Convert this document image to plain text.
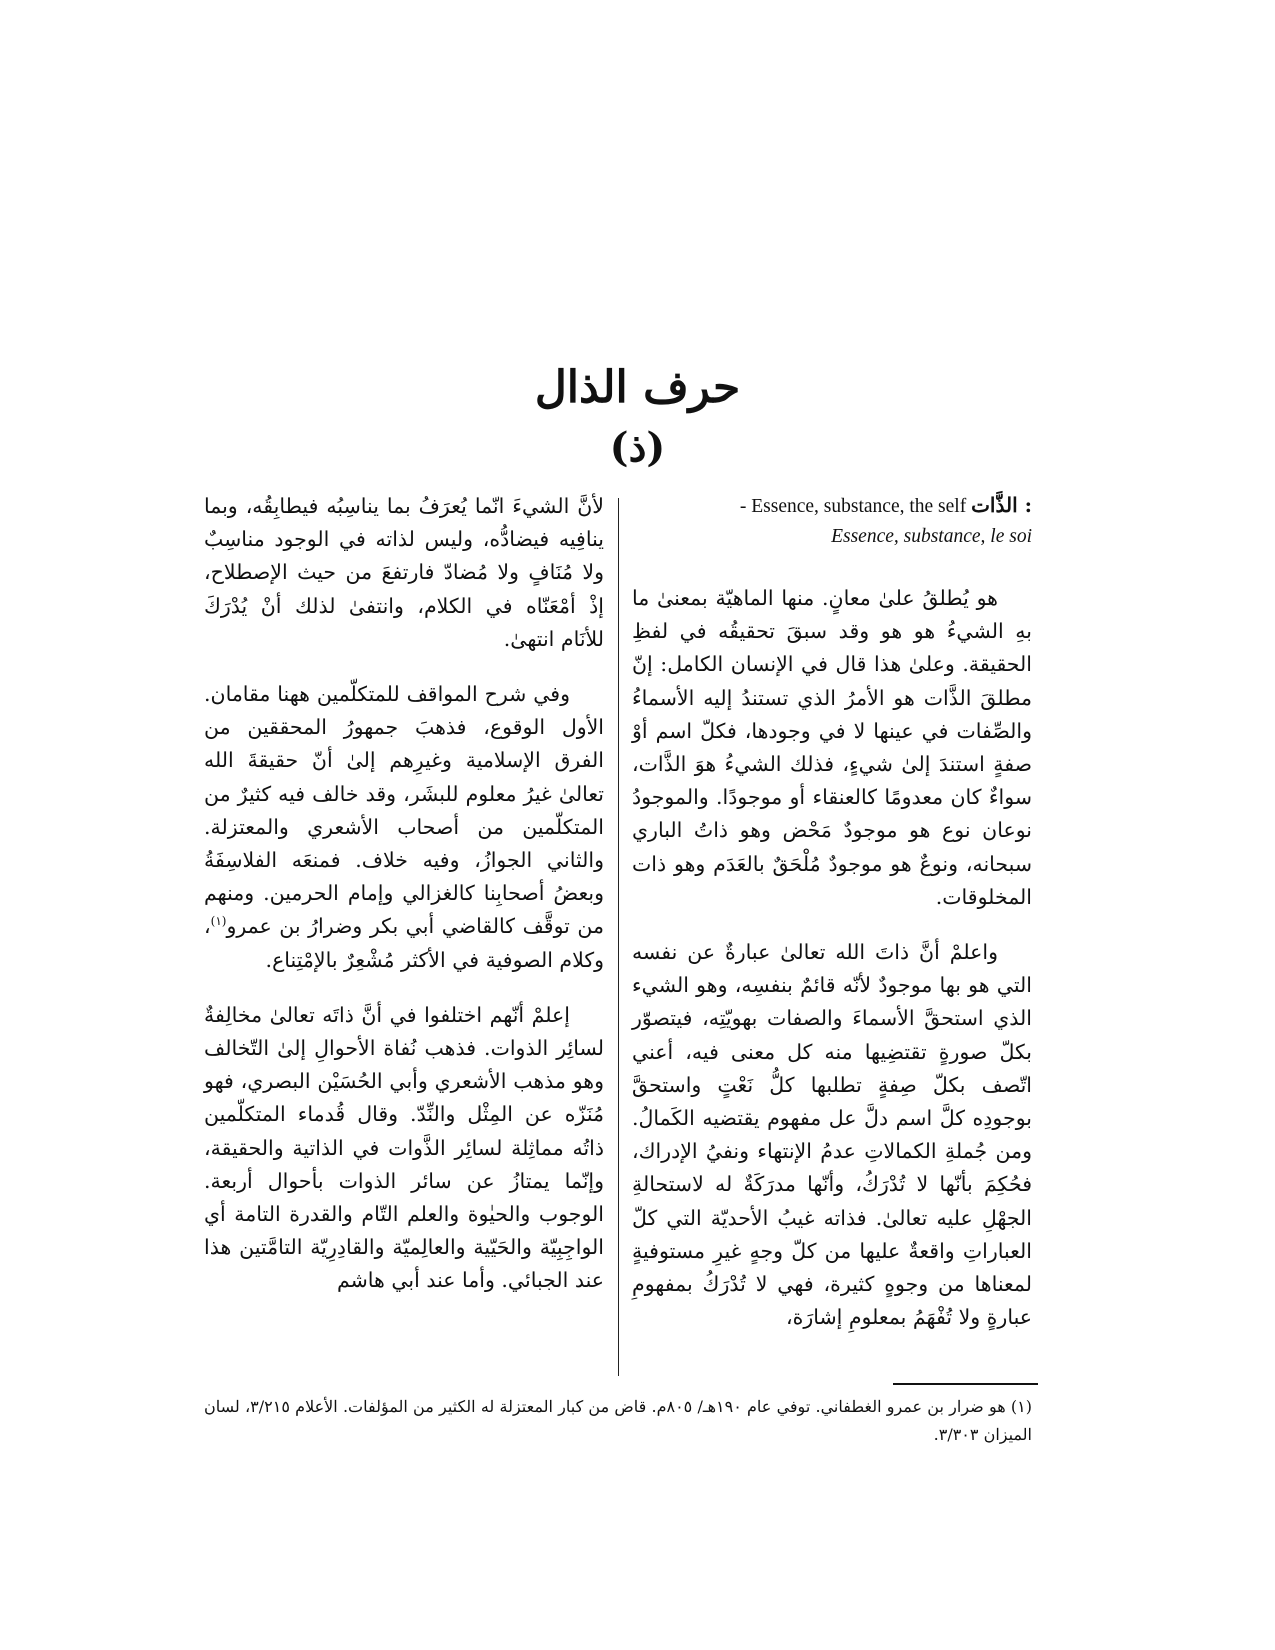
حرف الذال
(ذ)
- Essence, substance, the self الذَّات :
Essence, substance, le soi

هو يُطلقُ علىٰ معانٍ. منها الماهيّة بمعنىٰ ما بهِ الشيءُ هو هو وقد سبقَ تحقيقُه في لفظِ الحقيقة. وعلىٰ هذا قال في الإنسان الكامل: إنّ مطلقَ الذَّات هو الأمرُ الذي تستندُ إليه الأسماءُ والصِّفات في عينها لا في وجودها، فكلّ اسم أوْ صفةٍ استندَ إلىٰ شيءٍ، فذلك الشيءُ هوَ الذَّات، سواءٌ كان معدومًا كالعنقاء أو موجودًا. والموجودُ نوعان نوع هو موجودٌ مَحْض وهو ذاتُ الباري سبحانه، ونوعٌ هو موجودٌ مُلْحَقٌ بالعَدَم وهو ذات المخلوقات.

واعلمْ أنَّ ذاتَ الله تعالىٰ عبارةٌ عن نفسه التي هو بها موجودٌ لأنّه قائمٌ بنفسِه، وهو الشيء الذي استحقَّ الأسماءَ والصفات بهويّتِه، فيتصوّر بكلّ صورةٍ تقتضِيها منه كل معنى فيه، أعني اتّصف بكلّ صِفةٍ تطلبها كلُّ نَعْتٍ واستحقَّ بوجودِه كلَّ اسم دلَّ عل مفهوم يقتضيه الكَمالُ. ومن جُملةِ الكمالاتِ عدمُ الإنتهاء ونفيُ الإدراك، فحُكِمَ بأنّها لا تُدْرَكُ، وأنّها مدرَكَةٌ له لاستحالةِ الجهْلِ عليه تعالىٰ. فذاته غيبُ الأحديّة التي كلّ العباراتِ واقعةٌ عليها من كلّ وجهٍ غيرِ مستوفيةٍ لمعناها من وجوهٍ كثيرة، فهي لا تُدْرَكُ بمفهومِ عبارةٍ ولا تُفْهَمُ بمعلومِ إشارَة،

لأنَّ الشيءَ انّما يُعرَفُ بما يناسِبُه فيطابِقُه، وبما ينافِيه فيضادُّه، وليس لذاته في الوجود مناسِبٌ ولا مُنَافٍ ولا مُضادّ فارتفعَ من حيث الإصطلاح، إذْ أمْعَنّاه في الكلام، وانتفىٰ لذلك أنْ يُدْرَكَ للأنَام انتهىٰ.

وفي شرح المواقف للمتكلّمين ههنا مقامان. الأول الوقوع، فذهبَ جمهورُ المحققين من الفرق الإسلامية وغيرِهم إلىٰ أنّ حقيقةَ الله تعالىٰ غيرُ معلوم للبشَر، وقد خالف فيه كثيرٌ من المتكلّمين من أصحاب الأشعري والمعتزلة. والثاني الجوازُ، وفيه خلاف. فمنعَه الفلاسِفَةُ وبعضُ أصحابِنا كالغزالي وإمام الحرمين. ومنهم من توقَّف كالقاضي أبي بكر وضرارُ بن عمرو$^{(١)}$، وكلام الصوفية في الأكثر مُشْعِرٌ بالإمْتِناع.

إعلمْ أنّهم اختلفوا في أنَّ ذاتَه تعالىٰ مخالِفةٌ لسائِر الذوات. فذهب نُفاة الأحوالِ إلىٰ التّخالف وهو مذهب الأشعري وأبي الحُسَيْن البصري، فهو مُنَزّه عن المِثْل والنِّدّ. وقال قُدماء المتكلّمين ذاتُه مماثِلة لسائِر الذَّوات في الذاتية والحقيقة، وإنّما يمتازُ عن سائر الذوات بأحوال أربعة. الوجوب والحيٰوة والعلم التّام والقدرة التامة أي الواجِبِيّة والحَيّية والعالِميّة والقادِرِيّة التامَّتين هذا عند الجبائي. وأما عند أبي هاشم

(١) هو ضرار بن عمرو الغطفاني. توفي عام ١٩٠هـ/ ٨٠٥م. قاض من كبار المعتزلة له الكثير من المؤلفات. الأعلام ٣/٢١٥، لسان الميزان ٣/٣٠٣.
